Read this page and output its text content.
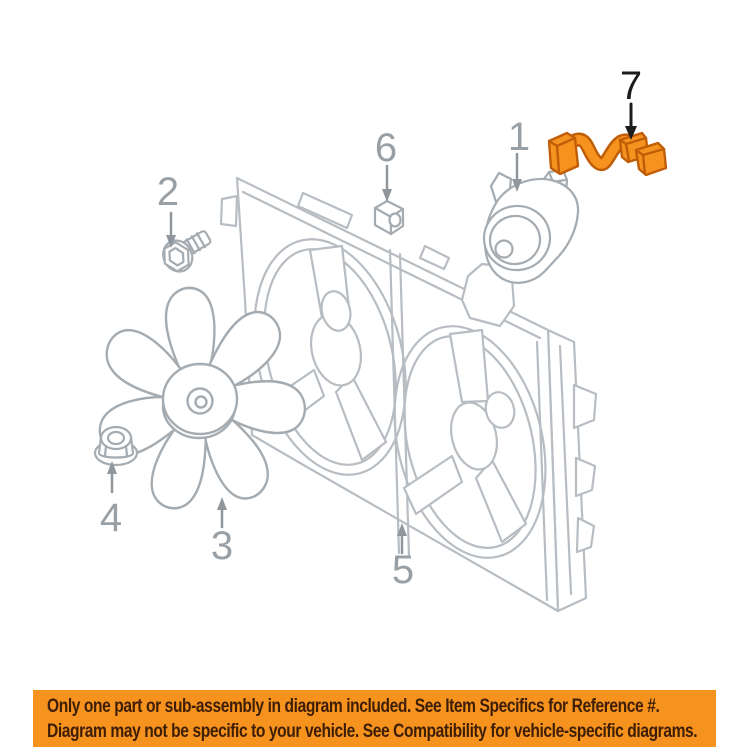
1
2
3
4
5
6
7
Only one part or sub-assembly in diagram included. See Item Specifics for Reference #.
Diagram may not be specific to your vehicle. See Compatibility for vehicle-specific diagrams.
